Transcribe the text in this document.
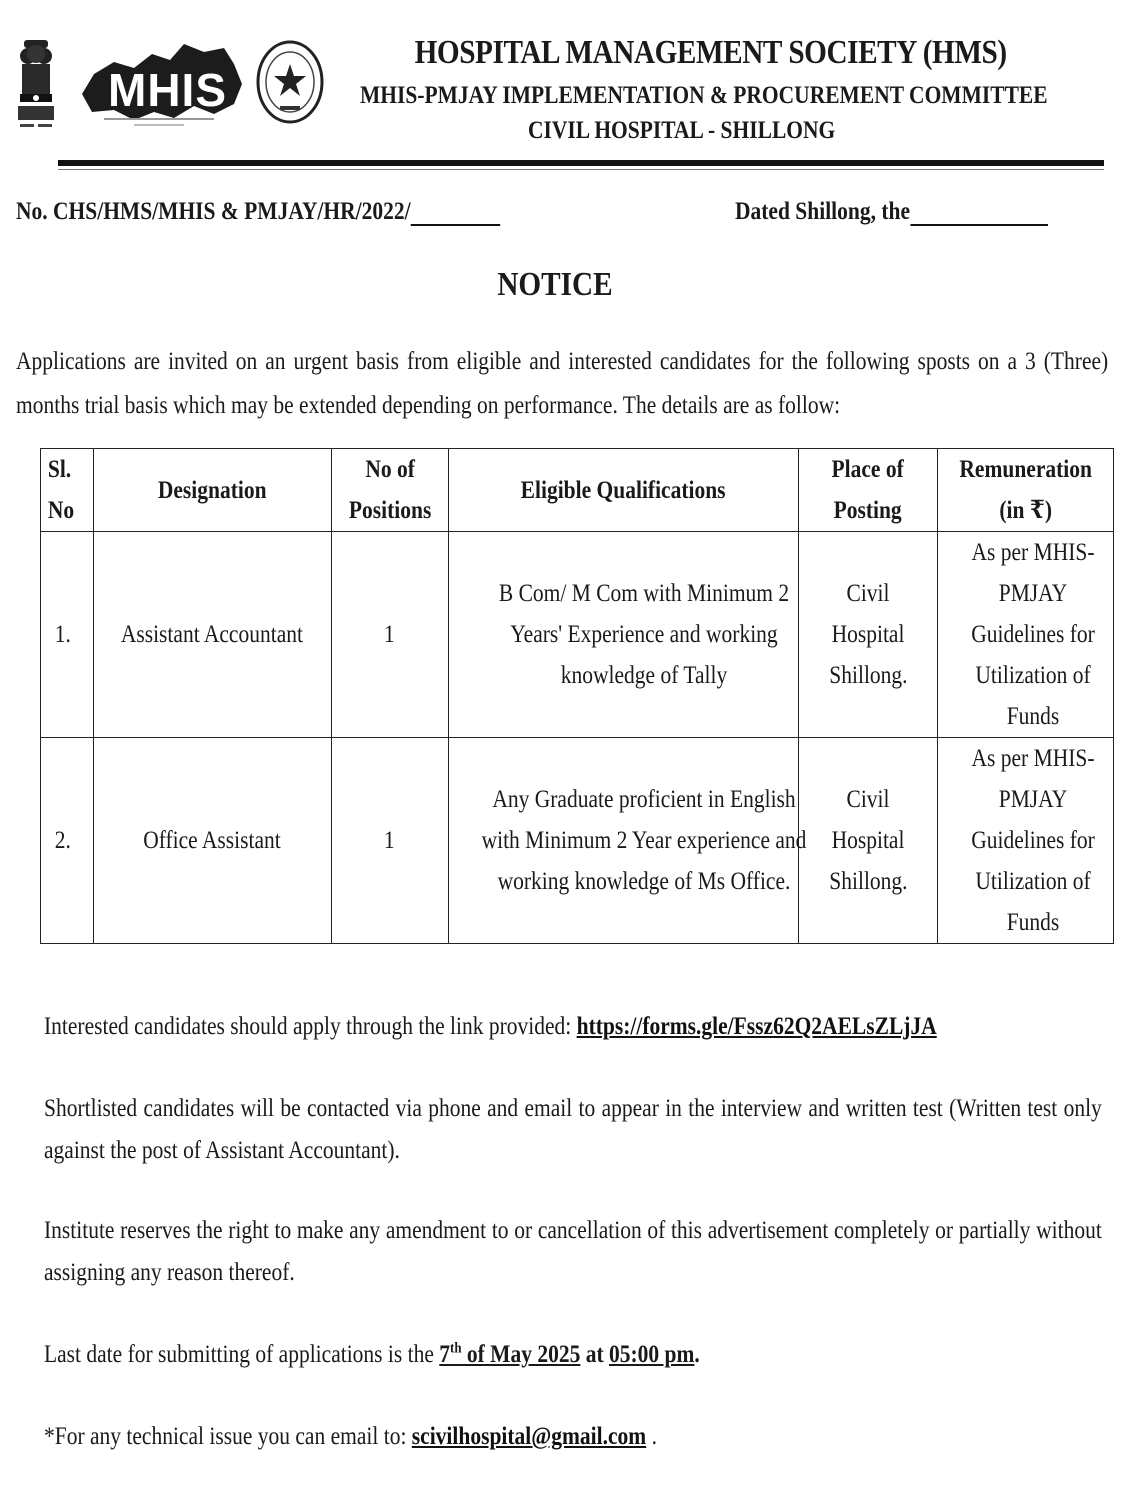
MHIS
HOSPITAL MANAGEMENT SOCIETY (HMS)
MHIS-PMJAY IMPLEMENTATION & PROCUREMENT COMMITTEE
CIVIL HOSPITAL - SHILLONG
No. CHS/HMS/MHIS & PMJAY/HR/2022/	Dated Shillong, the
NOTICE
Applications are invited on an urgent basis from eligible and interested candidates for the following sposts on a 3 (Three) months trial basis which may be extended depending on performance. The details are as follow:
Sl. No	Designation	No of Positions	Eligible Qualifications	Place of Posting	Remuneration (in ₹)
1.	Assistant Accountant	1	B Com/ M Com with Minimum 2 Years' Experience and working knowledge of Tally	Civil Hospital Shillong.	As per MHIS-PMJAY Guidelines for Utilization of Funds
2.	Office Assistant	1	Any Graduate proficient in English with Minimum 2 Year experience and working knowledge of Ms Office.	Civil Hospital Shillong.	As per MHIS-PMJAY Guidelines for Utilization of Funds
Interested candidates should apply through the link provided: https://forms.gle/Fssz62Q2AELsZLjJA
Shortlisted candidates will be contacted via phone and email to appear in the interview and written test (Written test only against the post of Assistant Accountant).
Institute reserves the right to make any amendment to or cancellation of this advertisement completely or partially without assigning any reason thereof.
Last date for submitting of applications is the 7th of May 2025 at 05:00 pm.
*For any technical issue you can email to: scivilhospital@gmail.com .
